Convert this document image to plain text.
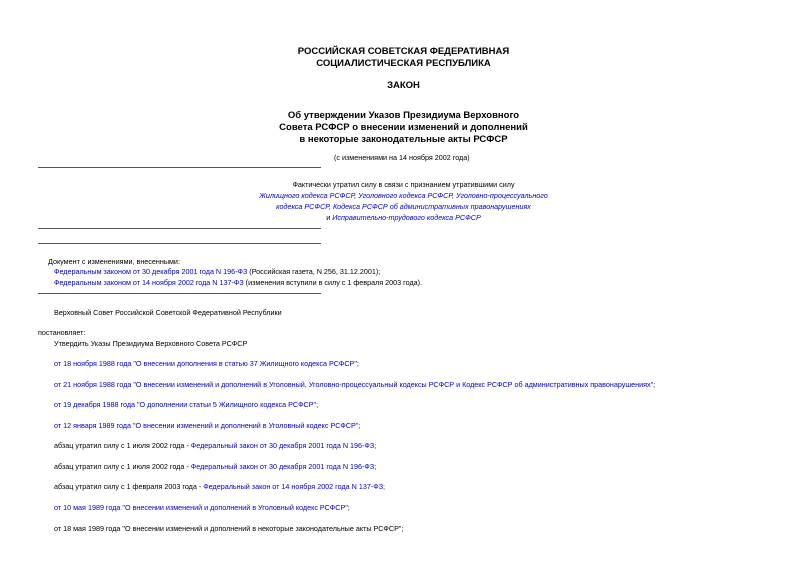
РОССИЙСКАЯ СОВЕТСКАЯ ФЕДЕРАТИВНАЯ
СОЦИАЛИСТИЧЕСКАЯ РЕСПУБЛИКА
ЗАКОН
Об утверждении Указов Президиума Верховного
Совета РСФСР о внесении изменений и дополнений
в некоторые законодательные акты РСФСР
(с изменениями на 14 ноября 2002 года)
Фактически утратил силу в связи с признанием утратившими силу
Жилищного кодекса РСФСР, Уголовного кодекса РСФСР, Уголовно-процессуального
кодекса РСФСР, Кодекса РСФСР об административных правонарушениях
и Исправительно-трудового кодекса РСФСР
Документ с изменениями, внесенными:
Федеральным законом от 30 декабря 2001 года N 196-ФЗ (Российская газета, N 256, 31.12.2001);
Федеральным законом от 14 ноября 2002 года N 137-ФЗ (изменения вступили в силу с 1 февраля 2003 года).
Верховный Совет Российской Советской Федеративной Республики
постановляет:
Утвердить Указы Президиума Верховного Совета РСФСР
от 18 ноября 1988 года "О внесении дополнения в статью 37 Жилищного кодекса РСФСР";
от 21 ноября 1988 года "О внесении изменений и дополнений в Уголовный, Уголовно-процессуальный кодексы РСФСР и Кодекс РСФСР об административных правонарушениях";
от 19 декабря 1988 года "О дополнении статьи 5 Жилищного кодекса РСФСР";
от 12 января 1989 года "О внесении изменений и дополнений в Уголовный кодекс РСФСР";
абзац утратил силу с 1 июля 2002 года - Федеральный закон от 30 декабря 2001 года N 196-ФЗ;
абзац утратил силу с 1 июля 2002 года - Федеральный закон от 30 декабря 2001 года N 196-ФЗ;
абзац утратил силу с 1 февраля 2003 года - Федеральный закон от 14 ноября 2002 года N 137-ФЗ;
от 10 мая 1989 года "О внесении изменений и дополнений в Уголовный кодекс РСФСР";
от 18 мая 1989 года "О внесении изменений и дополнений в некоторые законодательные акты РСФСР";
